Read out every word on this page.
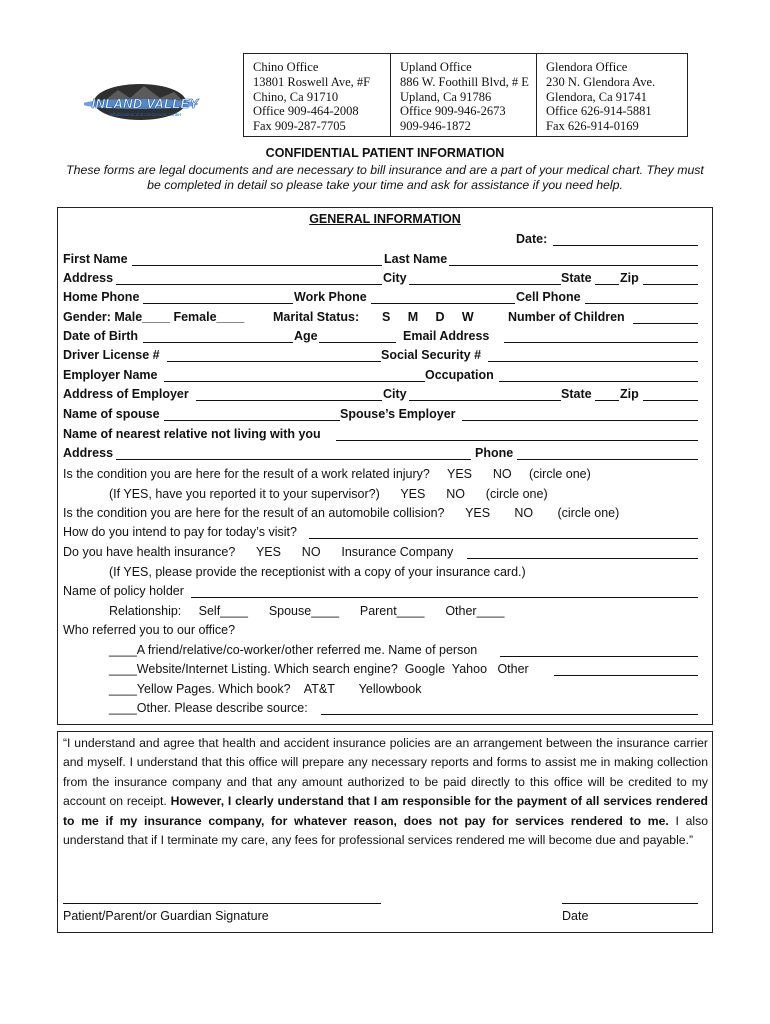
INLAND VALLEY
rehabilitation and chiropractic center
Chino Office
13801 Roswell Ave, #F
Chino, Ca 91710
Office 909-464-2008
Fax 909-287-7705
Upland Office
886 W. Foothill Blvd, # E
Upland, Ca 91786
Office 909-946-2673
909-946-1872
Glendora Office
230 N. Glendora Ave.
Glendora, Ca 91741
Office 626-914-5881
Fax 626-914-0169
CONFIDENTIAL PATIENT INFORMATION
These forms are legal documents and are necessary to bill insurance and are a part of your medical chart. They must be completed in detail so please take your time and ask for assistance if you need help.
GENERAL INFORMATION
Date:
First Name	Last Name
Address	City	State Zip
Home Phone	Work Phone	Cell Phone
Gender: Male____ Female____ Marital Status: S     M     D     W	Number of Children
Date of Birth	Age	Email Address
Driver License #	Social Security #
Employer Name	Occupation
Address of Employer	City	State Zip
Name of spouse	Spouse’s Employer
Name of nearest relative not living with you
Address	Phone
Is the condition you are here for the result of a work related injury?     YES      NO     (circle one)
(If YES, have you reported it to your supervisor?)      YES      NO      (circle one)
Is the condition you are here for the result of an automobile collision?      YES       NO       (circle one)
How do you intend to pay for today’s visit?
Do you have health insurance?      YES      NO      Insurance Company
(If YES, please provide the receptionist with a copy of your insurance card.)
Name of policy holder
Relationship:     Self____      Spouse____      Parent____      Other____
Who referred you to our office?
____A friend/relative/co-worker/other referred me. Name of person
____Website/Internet Listing. Which search engine?  Google  Yahoo   Other
____Yellow Pages. Which book?    AT&T       Yellowbook
____Other. Please describe source:
“I understand and agree that health and accident insurance policies are an arrangement between the insurance carrier and myself. I understand that this office will prepare any necessary reports and forms to assist me in making collection from the insurance company and that any amount authorized to be paid directly to this office will be credited to my account on receipt. However, I clearly understand that I am responsible for the payment of all services rendered to me if my insurance company, for whatever reason, does not pay for services rendered to me. I also understand that if I terminate my care, any fees for professional services rendered me will become due and payable.”
Patient/Parent/or Guardian Signature	Date
